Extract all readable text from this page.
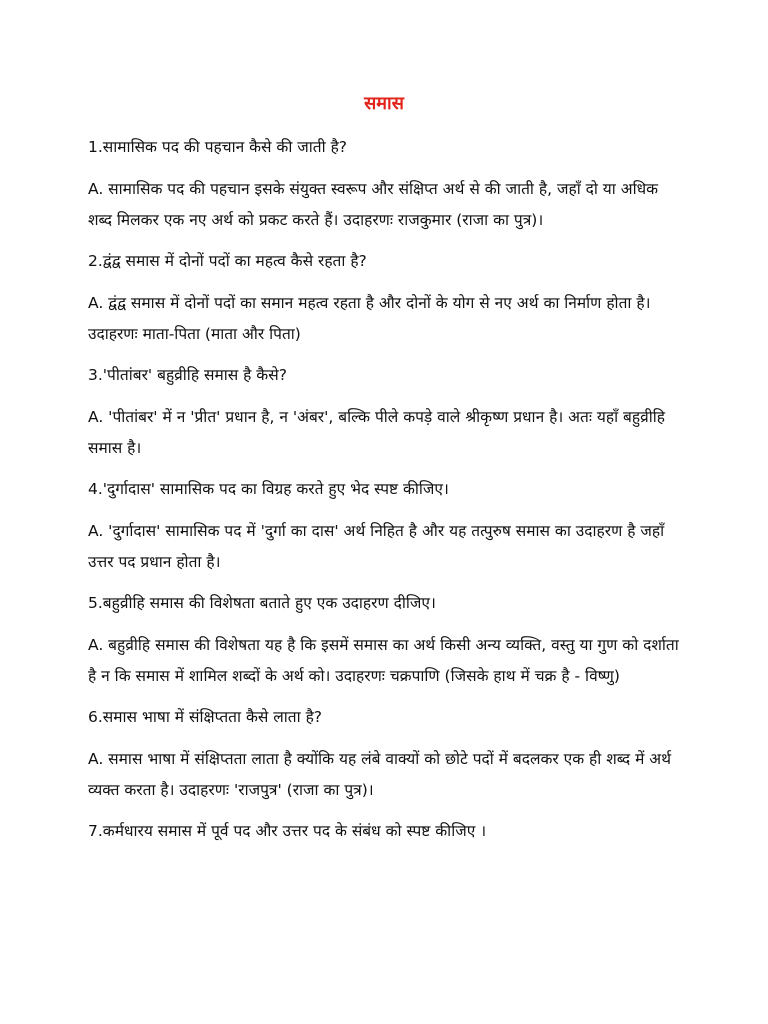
समास

1.सामासिक पद की पहचान कैसे की जाती है?

A. सामासिक पद की पहचान इसके संयुक्त स्वरूप और संक्षिप्त अर्थ से की जाती है, जहाँ दो या अधिक शब्द मिलकर एक नए अर्थ को प्रकट करते हैं। उदाहरणः राजकुमार (राजा का पुत्र)।

2.द्वंद्व समास में दोनों पदों का महत्व कैसे रहता है?

A. द्वंद्व समास में दोनों पदों का समान महत्व रहता है और दोनों के योग से नए अर्थ का निर्माण होता है। उदाहरणः माता-पिता (माता और पिता)

3.'पीतांबर' बहुव्रीहि समास है कैसे?

A. 'पीतांबर' में न 'प्रीत' प्रधान है, न 'अंबर', बल्कि पीले कपड़े वाले श्रीकृष्ण प्रधान है। अतः यहाँ बहुव्रीहि समास है।

4.'दुर्गादास' सामासिक पद का विग्रह करते हुए भेद स्पष्ट कीजिए।

A. 'दुर्गादास' सामासिक पद में 'दुर्गा का दास' अर्थ निहित है और यह तत्पुरुष समास का उदाहरण है जहाँ उत्तर पद प्रधान होता है।

5.बहुव्रीहि समास की विशेषता बताते हुए एक उदाहरण दीजिए।

A. बहुव्रीहि समास की विशेषता यह है कि इसमें समास का अर्थ किसी अन्य व्यक्ति, वस्तु या गुण को दर्शाता है न कि समास में शामिल शब्दों के अर्थ को। उदाहरणः चक्रपाणि (जिसके हाथ में चक्र है - विष्णु)

6.समास भाषा में संक्षिप्तता कैसे लाता है?

A. समास भाषा में संक्षिप्तता लाता है क्योंकि यह लंबे वाक्यों को छोटे पदों में बदलकर एक ही शब्द में अर्थ व्यक्त करता है। उदाहरणः 'राजपुत्र' (राजा का पुत्र)।

7.कर्मधारय समास में पूर्व पद और उत्तर पद के संबंध को स्पष्ट कीजिए ।
